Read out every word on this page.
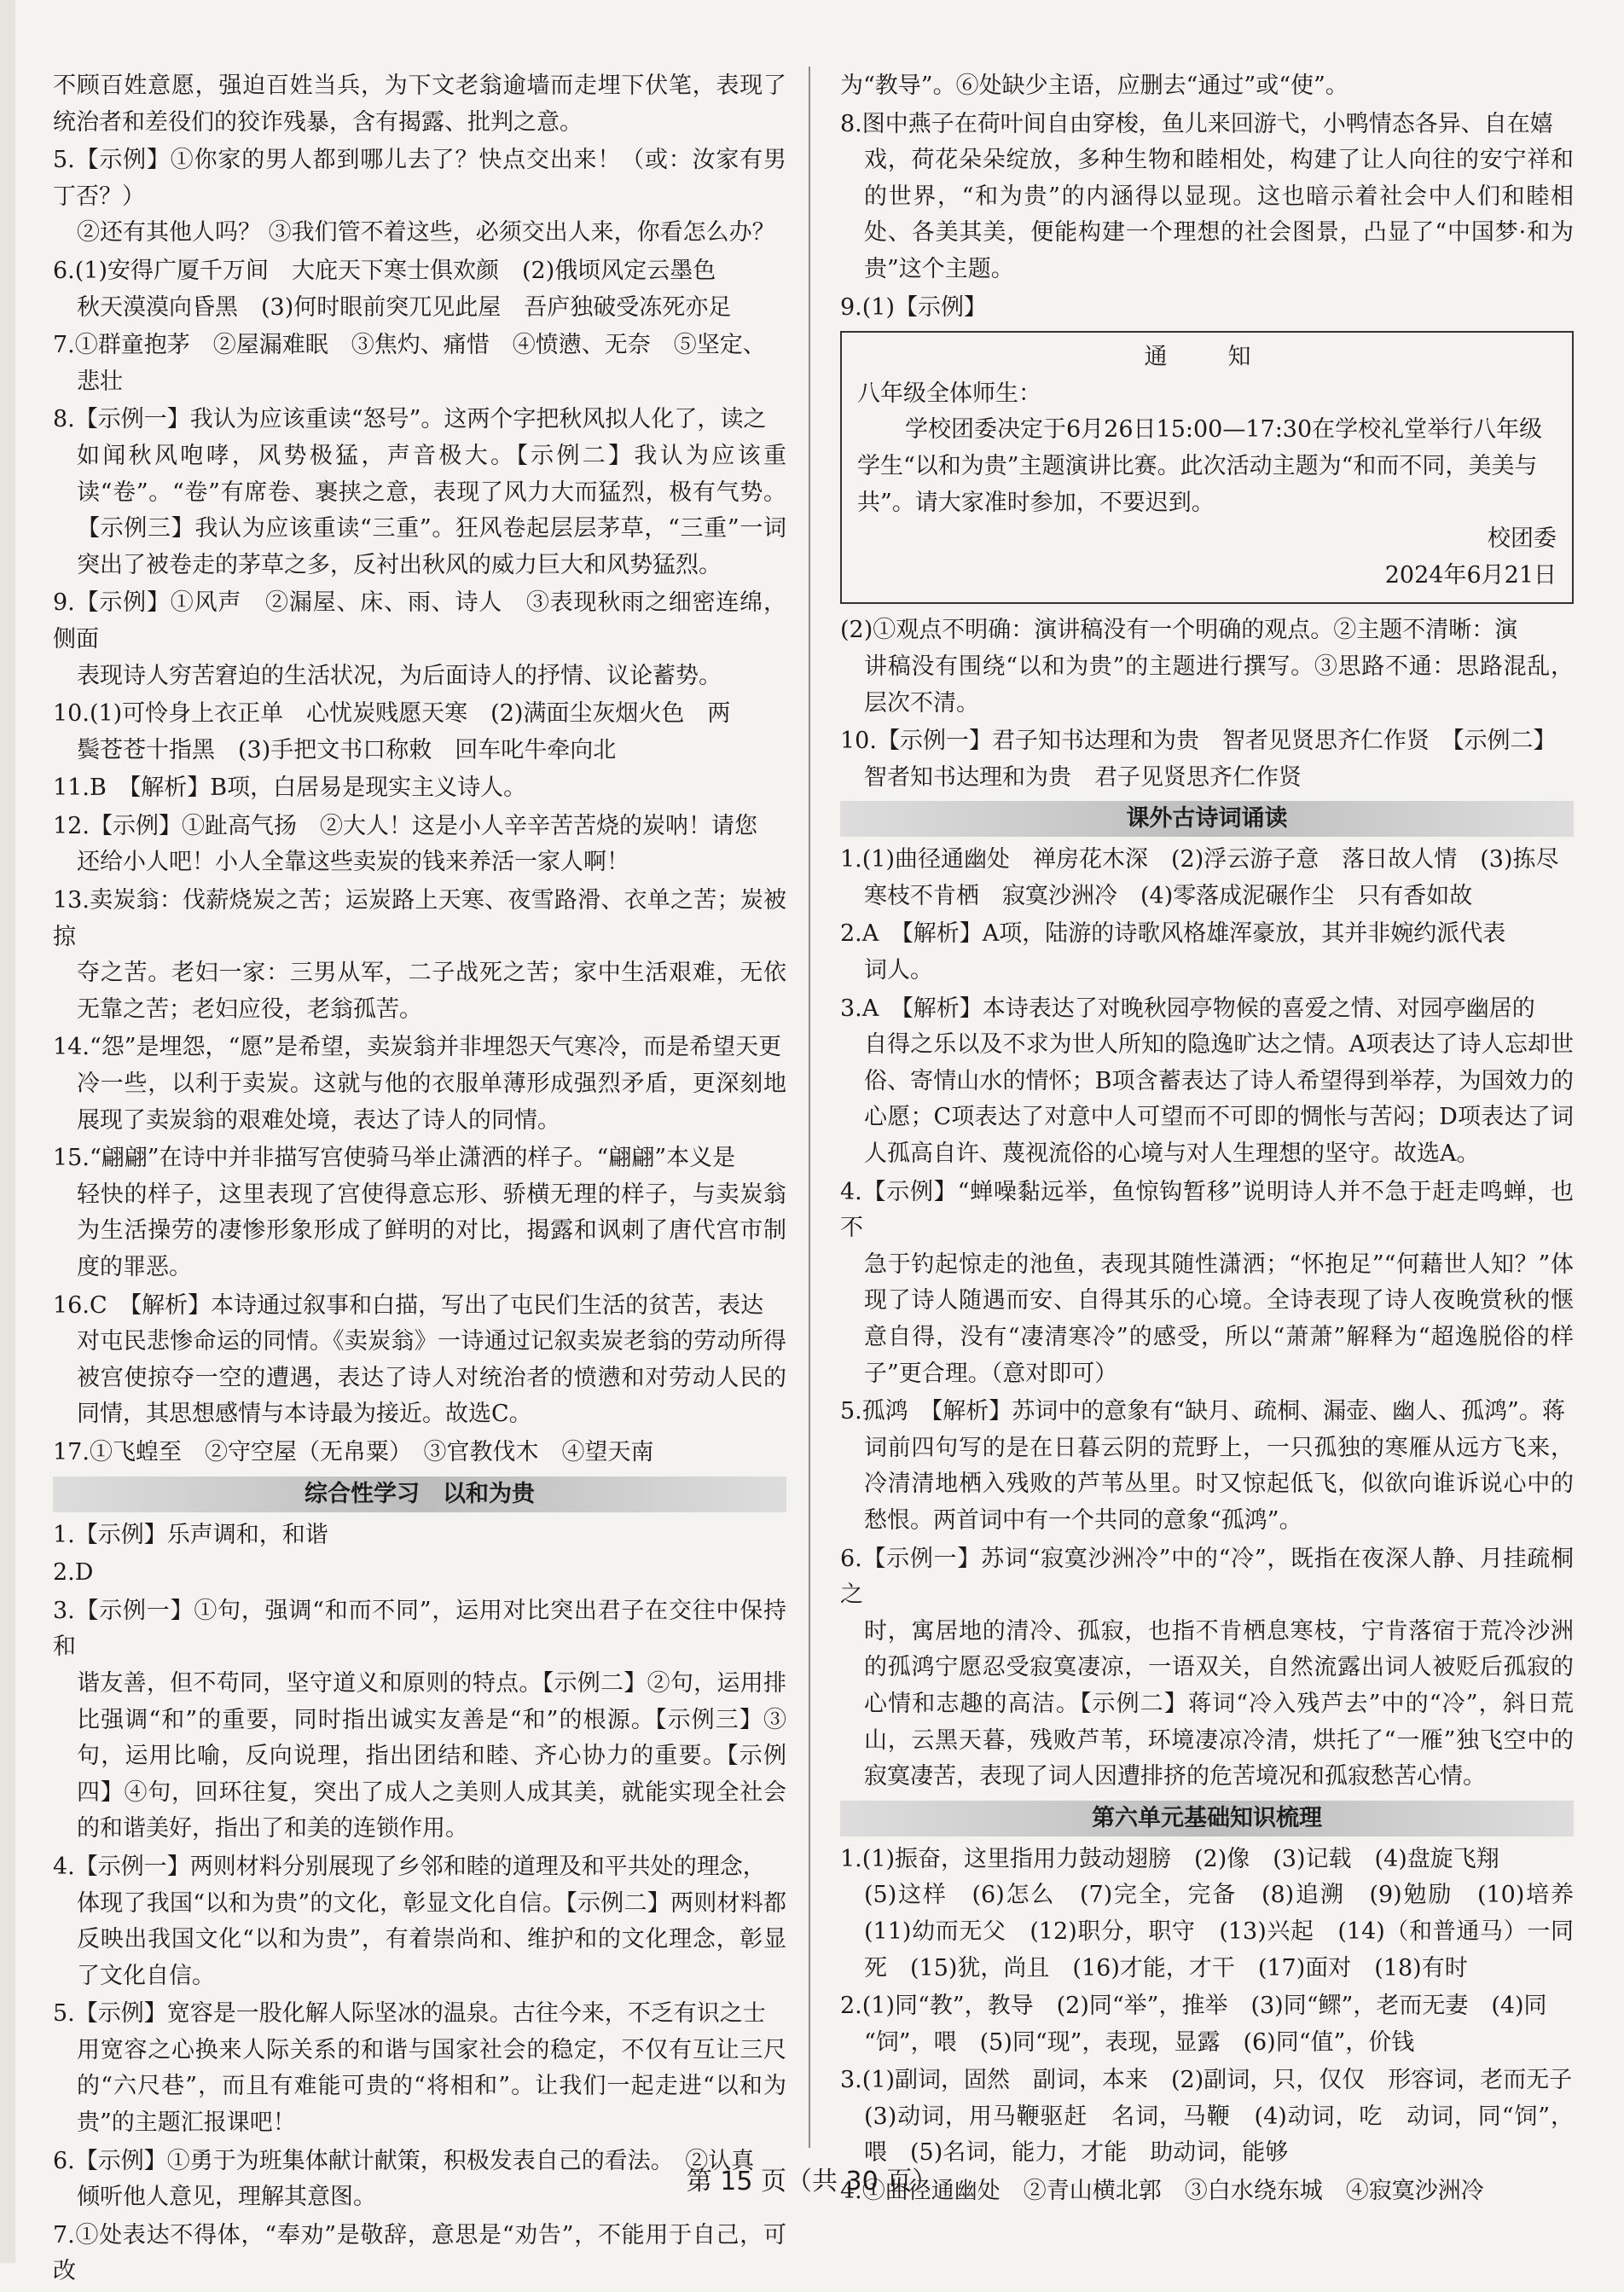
不顾百姓意愿，强迫百姓当兵，为下文老翁逾墙而走埋下伏笔，表现了统治者和差役们的狡诈残暴，含有揭露、批判之意。
5.【示例】①你家的男人都到哪儿去了？快点交出来！（或：汝家有男丁否？）
②还有其他人吗？ ③我们管不着这些，必须交出人来，你看怎么办？
6.(1)安得广厦千万间　大庇天下寒士俱欢颜　(2)俄顷风定云墨色
秋天漠漠向昏黑　(3)何时眼前突兀见此屋　吾庐独破受冻死亦足
7.①群童抱茅　②屋漏难眠　③焦灼、痛惜　④愤懑、无奈　⑤坚定、
悲壮
8.【示例一】我认为应该重读“怒号”。这两个字把秋风拟人化了，读之
如闻秋风咆哮，风势极猛，声音极大。【示例二】我认为应该重读“卷”。“卷”有席卷、裹挟之意，表现了风力大而猛烈，极有气势。【示例三】我认为应该重读“三重”。狂风卷起层层茅草，“三重”一词突出了被卷走的茅草之多，反衬出秋风的威力巨大和风势猛烈。
9.【示例】①风声　②漏屋、床、雨、诗人　③表现秋雨之细密连绵，侧面
表现诗人穷苦窘迫的生活状况，为后面诗人的抒情、议论蓄势。
10.(1)可怜身上衣正单　心忧炭贱愿天寒　(2)满面尘灰烟火色　两
鬓苍苍十指黑　(3)手把文书口称敕　回车叱牛牵向北
11.B　【解析】B项，白居易是现实主义诗人。
12.【示例】①趾高气扬　②大人！这是小人辛辛苦苦烧的炭呐！请您
还给小人吧！小人全靠这些卖炭的钱来养活一家人啊！
13.卖炭翁：伐薪烧炭之苦；运炭路上天寒、夜雪路滑、衣单之苦；炭被掠
夺之苦。老妇一家：三男从军，二子战死之苦；家中生活艰难，无依无靠之苦；老妇应役，老翁孤苦。
14.“怨”是埋怨，“愿”是希望，卖炭翁并非埋怨天气寒冷，而是希望天更
冷一些，以利于卖炭。这就与他的衣服单薄形成强烈矛盾，更深刻地展现了卖炭翁的艰难处境，表达了诗人的同情。
15.“翩翩”在诗中并非描写宫使骑马举止潇洒的样子。“翩翩”本义是
轻快的样子，这里表现了宫使得意忘形、骄横无理的样子，与卖炭翁为生活操劳的凄惨形象形成了鲜明的对比，揭露和讽刺了唐代宫市制度的罪恶。
16.C　【解析】本诗通过叙事和白描，写出了屯民们生活的贫苦，表达
对屯民悲惨命运的同情。《卖炭翁》一诗通过记叙卖炭老翁的劳动所得被宫使掠夺一空的遭遇，表达了诗人对统治者的愤懑和对劳动人民的同情，其思想感情与本诗最为接近。故选C。
17.①飞蝗至　②守空屋（无帛粟）　③官教伐木　④望天南
综合性学习　以和为贵
1.【示例】乐声调和，和谐
2.D
3.【示例一】①句，强调“和而不同”，运用对比突出君子在交往中保持和
谐友善，但不苟同，坚守道义和原则的特点。【示例二】②句，运用排比强调“和”的重要，同时指出诚实友善是“和”的根源。【示例三】③句，运用比喻，反向说理，指出团结和睦、齐心协力的重要。【示例四】④句，回环往复，突出了成人之美则人成其美，就能实现全社会的和谐美好，指出了和美的连锁作用。
4.【示例一】两则材料分别展现了乡邻和睦的道理及和平共处的理念，
体现了我国“以和为贵”的文化，彰显文化自信。【示例二】两则材料都反映出我国文化“以和为贵”，有着崇尚和、维护和的文化理念，彰显了文化自信。
5.【示例】宽容是一股化解人际坚冰的温泉。古往今来，不乏有识之士
用宽容之心换来人际关系的和谐与国家社会的稳定，不仅有互让三尺的“六尺巷”，而且有难能可贵的“将相和”。让我们一起走进“以和为贵”的主题汇报课吧！
6.【示例】①勇于为班集体献计献策，积极发表自己的看法。　②认真
倾听他人意见，理解其意图。
7.①处表达不得体，“奉劝”是敬辞，意思是“劝告”，不能用于自己，可改
为“教导”。⑥处缺少主语，应删去“通过”或“使”。
8.图中燕子在荷叶间自由穿梭，鱼儿来回游弋，小鸭情态各异、自在嬉
戏，荷花朵朵绽放，多种生物和睦相处，构建了让人向往的安宁祥和的世界，“和为贵”的内涵得以显现。这也暗示着社会中人们和睦相处、各美其美，便能构建一个理想的社会图景，凸显了“中国梦·和为贵”这个主题。
9.(1)【示例】
通　知
八年级全体师生：
学校团委决定于6月26日15:00—17:30在学校礼堂举行八年级学生“以和为贵”主题演讲比赛。此次活动主题为“和而不同，美美与共”。请大家准时参加，不要迟到。
校团委
2024年6月21日
(2)①观点不明确：演讲稿没有一个明确的观点。②主题不清晰：演
讲稿没有围绕“以和为贵”的主题进行撰写。③思路不通：思路混乱，层次不清。
10.【示例一】君子知书达理和为贵　智者见贤思齐仁作贤　【示例二】
智者知书达理和为贵　君子见贤思齐仁作贤
课外古诗词诵读
1.(1)曲径通幽处　禅房花木深　(2)浮云游子意　落日故人情　(3)拣尽
寒枝不肯栖　寂寞沙洲冷　(4)零落成泥碾作尘　只有香如故
2.A　【解析】A项，陆游的诗歌风格雄浑豪放，其并非婉约派代表
词人。
3.A　【解析】本诗表达了对晚秋园亭物候的喜爱之情、对园亭幽居的
自得之乐以及不求为世人所知的隐逸旷达之情。A项表达了诗人忘却世俗、寄情山水的情怀；B项含蓄表达了诗人希望得到举荐，为国效力的心愿；C项表达了对意中人可望而不可即的惆怅与苦闷；D项表达了词人孤高自许、蔑视流俗的心境与对人生理想的坚守。故选A。
4.【示例】“蝉噪黏远举，鱼惊钩暂移”说明诗人并不急于赶走鸣蝉，也不
急于钓起惊走的池鱼，表现其随性潇洒；“怀抱足”“何藉世人知？”体现了诗人随遇而安、自得其乐的心境。全诗表现了诗人夜晚赏秋的惬意自得，没有“凄清寒冷”的感受，所以“萧萧”解释为“超逸脱俗的样子”更合理。（意对即可）
5.孤鸿　【解析】苏词中的意象有“缺月、疏桐、漏壶、幽人、孤鸿”。蒋
词前四句写的是在日暮云阴的荒野上，一只孤独的寒雁从远方飞来，冷清清地栖入残败的芦苇丛里。时又惊起低飞，似欲向谁诉说心中的愁恨。两首词中有一个共同的意象“孤鸿”。
6.【示例一】苏词“寂寞沙洲冷”中的“冷”，既指在夜深人静、月挂疏桐之
时，寓居地的清冷、孤寂，也指不肯栖息寒枝，宁肯落宿于荒冷沙洲的孤鸿宁愿忍受寂寞凄凉，一语双关，自然流露出词人被贬后孤寂的心情和志趣的高洁。【示例二】蒋词“冷入残芦去”中的“冷”，斜日荒山，云黑天暮，残败芦苇，环境凄凉冷清，烘托了“一雁”独飞空中的寂寞凄苦，表现了词人因遭排挤的危苦境况和孤寂愁苦心情。
第六单元基础知识梳理
1.(1)振奋，这里指用力鼓动翅膀　(2)像　(3)记载　(4)盘旋飞翔
(5)这样　(6)怎么　(7)完全，完备　(8)追溯　(9)勉励　(10)培养　(11)幼而无父　(12)职分，职守　(13)兴起　(14)（和普通马）一同死　(15)犹，尚且　(16)才能，才干　(17)面对　(18)有时
2.(1)同“教”，教导　(2)同“举”，推举　(3)同“鳏”，老而无妻　(4)同
“饲”，喂　(5)同“现”，表现，显露　(6)同“值”，价钱
3.(1)副词，固然　副词，本来　(2)副词，只，仅仅　形容词，老而无子
(3)动词，用马鞭驱赶　名词，马鞭　(4)动词，吃　动词，同“饲”，喂　(5)名词，能力，才能　助动词，能够
4.①曲径通幽处　②青山横北郭　③白水绕东城　④寂寞沙洲冷
第 15 页（共 30 页）
